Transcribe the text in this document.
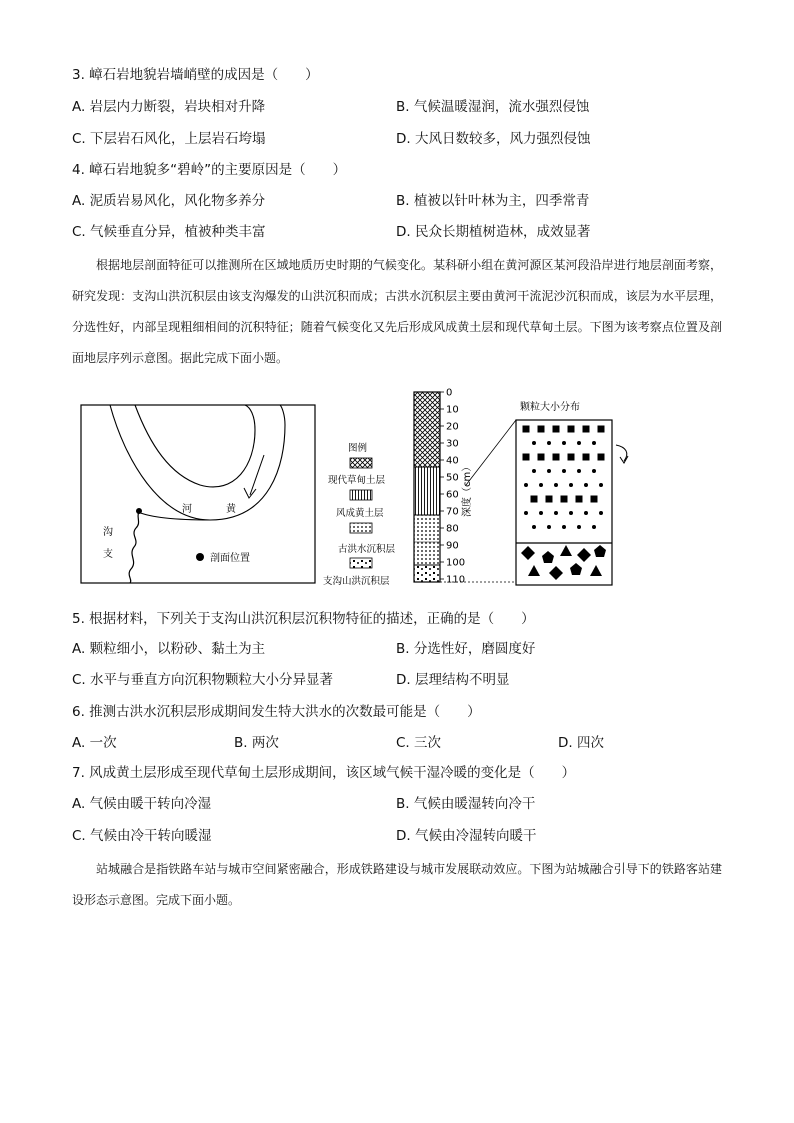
3. 嶂石岩地貌岩墙峭壁的成因是（　　）
A. 岩层内力断裂，岩块相对升降	B. 气候温暖湿润，流水强烈侵蚀
C. 下层岩石风化，上层岩石垮塌	D. 大风日数较多，风力强烈侵蚀
4. 嶂石岩地貌多“碧岭”的主要原因是（　　）
A. 泥质岩易风化，风化物多养分	B. 植被以针叶林为主，四季常青
C. 气候垂直分异，植被种类丰富	D. 民众长期植树造林，成效显著
根据地层剖面特征可以推测所在区域地质历史时期的气候变化。某科研小组在黄河源区某河段沿岸进行地层剖面考察，研究发现：支沟山洪沉积层由该支沟爆发的山洪沉积而成；古洪水沉积层主要由黄河干流泥沙沉积而成，该层为水平层理，分选性好，内部呈现粗细相间的沉积特征；随着气候变化又先后形成风成黄土层和现代草甸土层。下图为该考察点位置及剖面地层序列示意图。据此完成下面小题。
河	黄
沟
支	剖面位置
图例
现代草甸土层
风成黄土层
古洪水沉积层
支沟山洪沉积层
0
10
20
30
40
50
60
70
80
90
100
110
深度（cm）
颗粒大小分布
5. 根据材料，下列关于支沟山洪沉积层沉积物特征的描述，正确的是（　　）
A. 颗粒细小，以粉砂、黏土为主	B. 分选性好，磨圆度好
C. 水平与垂直方向沉积物颗粒大小分异显著	D. 层理结构不明显
6. 推测古洪水沉积层形成期间发生特大洪水的次数最可能是（　　）
A. 一次	B. 两次	C. 三次	D. 四次
7. 风成黄土层形成至现代草甸土层形成期间，该区域气候干湿冷暖的变化是（　　）
A. 气候由暖干转向冷湿	B. 气候由暖湿转向冷干
C. 气候由冷干转向暖湿	D. 气候由冷湿转向暖干
站城融合是指铁路车站与城市空间紧密融合，形成铁路建设与城市发展联动效应。下图为站城融合引导下的铁路客站建设形态示意图。完成下面小题。
